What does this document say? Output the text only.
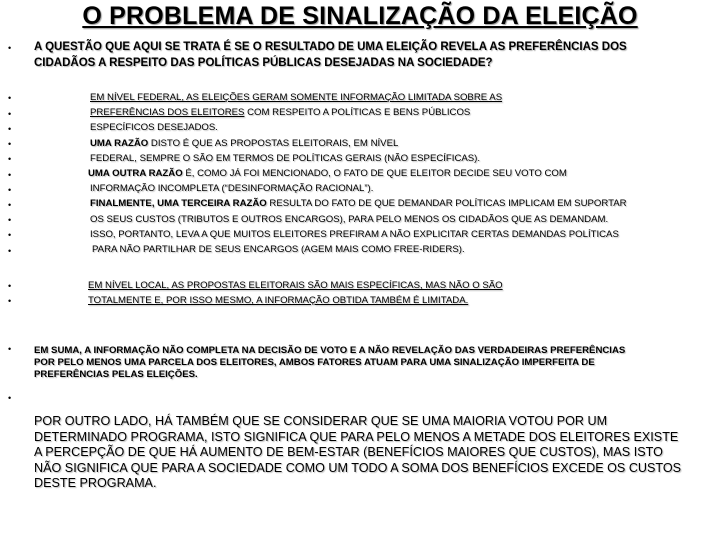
O PROBLEMA DE SINALIZAÇÃO DA ELEIÇÃO
• A QUESTÃO QUE AQUI SE TRATA É SE O RESULTADO DE UMA ELEIÇÃO REVELA AS PREFERÊNCIAS DOS
CIDADÃOS A RESPEITO DAS POLÍTICAS PÚBLICAS DESEJADAS NA SOCIEDADE?
•
•
•
•
•
•
•
•
•
•
•
EM NÍVEL FEDERAL, AS ELEIÇÕES GERAM SOMENTE INFORMAÇÃO LIMITADA SOBRE AS
PREFERÊNCIAS DOS ELEITORES COM RESPEITO A POLÍTICAS E BENS PÚBLICOS
ESPECÍFICOS DESEJADOS.
UMA RAZÃO DISTO É QUE AS PROPOSTAS ELEITORAIS, EM NÍVEL
FEDERAL, SEMPRE O SÃO EM TERMOS DE POLÍTICAS GERAIS (NÃO ESPECÍFICAS).
UMA OUTRA RAZÃO É, COMO JÁ FOI MENCIONADO, O FATO DE QUE ELEITOR DECIDE SEU VOTO COM
INFORMAÇÃO INCOMPLETA (“DESINFORMAÇÃO RACIONAL”).
FINALMENTE, UMA TERCEIRA RAZÃO RESULTA DO FATO DE QUE DEMANDAR POLÍTICAS IMPLICAM EM SUPORTAR
OS SEUS CUSTOS (TRIBUTOS E OUTROS ENCARGOS), PARA PELO MENOS OS CIDADÃOS QUE AS DEMANDAM.
ISSO, PORTANTO, LEVA A QUE MUITOS ELEITORES PREFIRAM A NÃO EXPLICITAR CERTAS DEMANDAS POLÍTICAS
PARA NÃO PARTILHAR DE SEUS ENCARGOS (AGEM MAIS COMO FREE-RIDERS).
•
•
EM NÍVEL LOCAL, AS PROPOSTAS ELEITORAIS SÃO MAIS ESPECÍFICAS, MAS NÃO O SÃO
TOTALMENTE E, POR ISSO MESMO, A INFORMAÇÃO OBTIDA TAMBÉM É LIMITADA.
• EM SUMA, A INFORMAÇÃO NÃO COMPLETA NA DECISÃO DE VOTO E A NÃO REVELAÇÃO DAS VERDADEIRAS PREFERÊNCIAS
POR PELO MENOS UMA PARCELA DOS ELEITORES, AMBOS FATORES ATUAM PARA UMA SINALIZAÇÃO IMPERFEITA DE
PREFERÊNCIAS PELAS ELEIÇÕES.
•
POR OUTRO LADO, HÁ TAMBÉM QUE SE CONSIDERAR QUE SE UMA MAIORIA VOTOU POR UM
DETERMINADO PROGRAMA, ISTO SIGNIFICA QUE PARA PELO MENOS A METADE DOS ELEITORES EXISTE
A PERCEPÇÃO DE QUE HÁ AUMENTO DE BEM-ESTAR (BENEFÍCIOS MAIORES QUE CUSTOS), MAS ISTO
NÃO SIGNIFICA QUE PARA A SOCIEDADE COMO UM TODO A SOMA DOS BENEFÍCIOS EXCEDE OS CUSTOS
DESTE PROGRAMA.
